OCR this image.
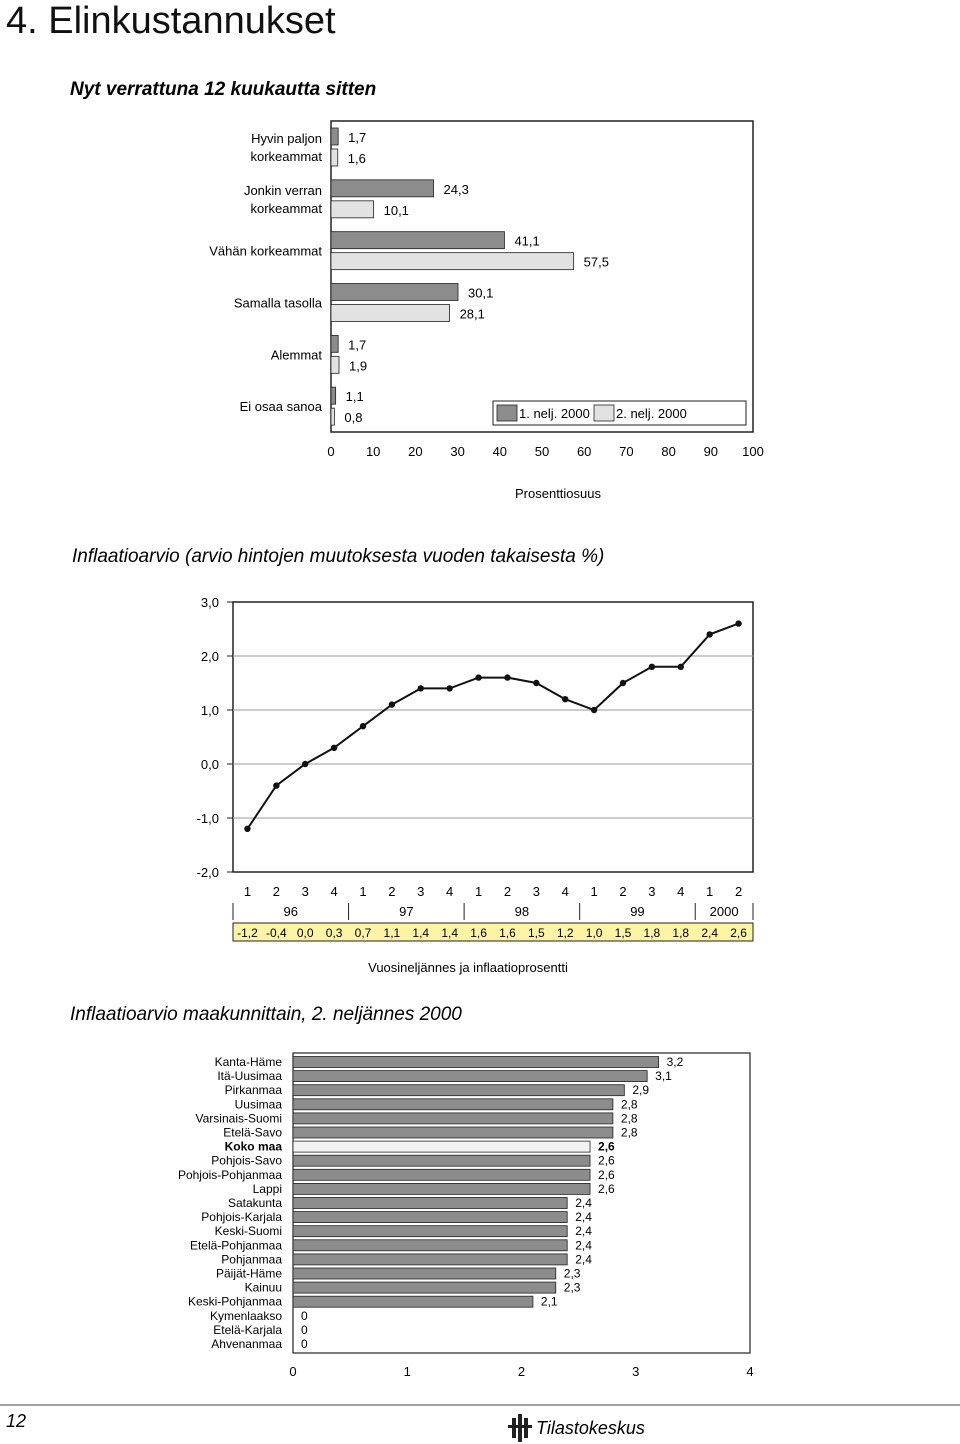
4. Elinkustannukset
Nyt verrattuna 12 kuukautta sitten
Hyvin paljon
korkeammat
1,7
1,6
Jonkin verran
korkeammat
24,3
10,1
Vähän korkeammat
41,1
57,5
Samalla tasolla
30,1
28,1
Alemmat
1,7
1,9
Ei osaa sanoa
1,1
0,8
0 10 20 30 40 50 60 70 80 90 100
Prosenttiosuus
1. nelj. 2000 2. nelj. 2000
Inflaatioarvio (arvio hintojen muutoksesta vuoden takaisesta %)
3,0
2,0
1,0
0,0
-1,0
-2,0
1 2 3 4 1 2 3 4 1 2 3 4 1 2 3 4 1 2
96	97	98	99	2000
-1,2 -0,4 0,0 0,3 0,7 1,1 1,4 1,4 1,6 1,6 1,5 1,2 1,0 1,5 1,8 1,8 2,4 2,6
Vuosineljännes ja inflaatioprosentti
Inflaatioarvio maakunnittain, 2. neljännes 2000
Kanta-Häme	3,2
Itä-Uusimaa	3,1
Pirkanmaa	2,9
Uusimaa	2,8
Varsinais-Suomi	2,8
Etelä-Savo	2,8
Koko maa	2,6
Pohjois-Savo	2,6
Pohjois-Pohjanmaa	2,6
Lappi	2,6
Satakunta	2,4
Pohjois-Karjala	2,4
Keski-Suomi	2,4
Etelä-Pohjanmaa	2,4
Pohjanmaa	2,4
Päijät-Häme	2,3
Kainuu	2,3
Keski-Pohjanmaa	2,1
Kymenlaakso 0
Etelä-Karjala 0
Ahvenanmaa 0
0	1	2	3	4
12	Tilastokeskus
